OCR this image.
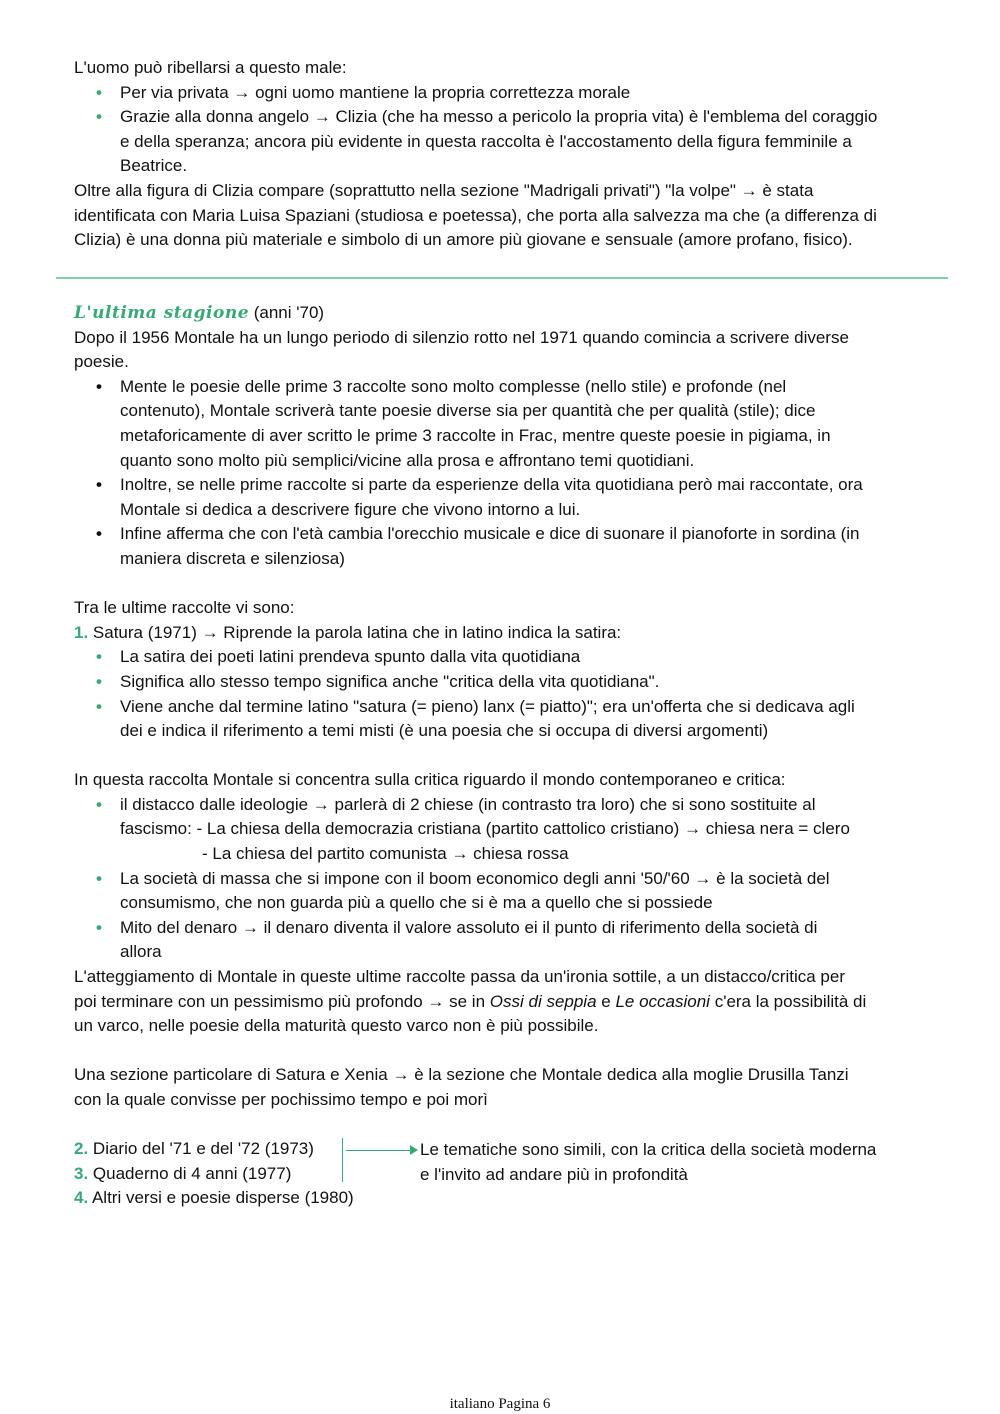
L'uomo può ribellarsi a questo male:
• Per via privata → ogni uomo mantiene la propria correttezza morale
• Grazie alla donna angelo → Clizia (che ha messo a pericolo la propria vita) è l'emblema del coraggio
e della speranza; ancora più evidente in questa raccolta è l'accostamento della figura femminile a
Beatrice.
Oltre alla figura di Clizia compare (soprattutto nella sezione "Madrigali privati") "la volpe" → è stata
identificata con Maria Luisa Spaziani (studiosa e poetessa), che porta alla salvezza ma che (a differenza di
Clizia) è una donna più materiale e simbolo di un amore più giovane e sensuale (amore profano, fisico).
L'ultima stagione (anni '70)
Dopo il 1956 Montale ha un lungo periodo di silenzio rotto nel 1971 quando comincia a scrivere diverse
poesie.
• Mente le poesie delle prime 3 raccolte sono molto complesse (nello stile) e profonde (nel
contenuto), Montale scriverà tante poesie diverse sia per quantità che per qualità (stile); dice
metaforicamente di aver scritto le prime 3 raccolte in Frac, mentre queste poesie in pigiama, in
quanto sono molto più semplici/vicine alla prosa e affrontano temi quotidiani.
• Inoltre, se nelle prime raccolte si parte da esperienze della vita quotidiana però mai raccontate, ora
Montale si dedica a descrivere figure che vivono intorno a lui.
• Infine afferma che con l'età cambia l'orecchio musicale e dice di suonare il pianoforte in sordina (in
maniera discreta e silenziosa)
Tra le ultime raccolte vi sono:
1. Satura (1971) → Riprende la parola latina che in latino indica la satira:
• La satira dei poeti latini prendeva spunto dalla vita quotidiana
• Significa allo stesso tempo significa anche "critica della vita quotidiana".
• Viene anche dal termine latino "satura (= pieno) lanx (= piatto)"; era un'offerta che si dedicava agli
dei e indica il riferimento a temi misti (è una poesia che si occupa di diversi argomenti)
In questa raccolta Montale si concentra sulla critica riguardo il mondo contemporaneo e critica:
• il distacco dalle ideologie → parlerà di 2 chiese (in contrasto tra loro) che si sono sostituite al
fascismo: - La chiesa della democrazia cristiana (partito cattolico cristiano) → chiesa nera = clero
- La chiesa del partito comunista → chiesa rossa
• La società di massa che si impone con il boom economico degli anni '50/'60 → è la società del
consumismo, che non guarda più a quello che si è ma a quello che si possiede
• Mito del denaro → il denaro diventa il valore assoluto ei il punto di riferimento della società di
allora
L'atteggiamento di Montale in queste ultime raccolte passa da un'ironia sottile, a un distacco/critica per
poi terminare con un pessimismo più profondo → se in Ossi di seppia e Le occasioni c'era la possibilità di
un varco, nelle poesie della maturità questo varco non è più possibile.
Una sezione particolare di Satura e Xenia → è la sezione che Montale dedica alla moglie Drusilla Tanzi
con la quale convisse per pochissimo tempo e poi morì
2. Diario del '71 e del '72 (1973)
3. Quaderno di 4 anni (1977)
4. Altri versi e poesie disperse (1980)
Le tematiche sono simili, con la critica della società moderna
e l'invito ad andare più in profondità
italiano Pagina 6
